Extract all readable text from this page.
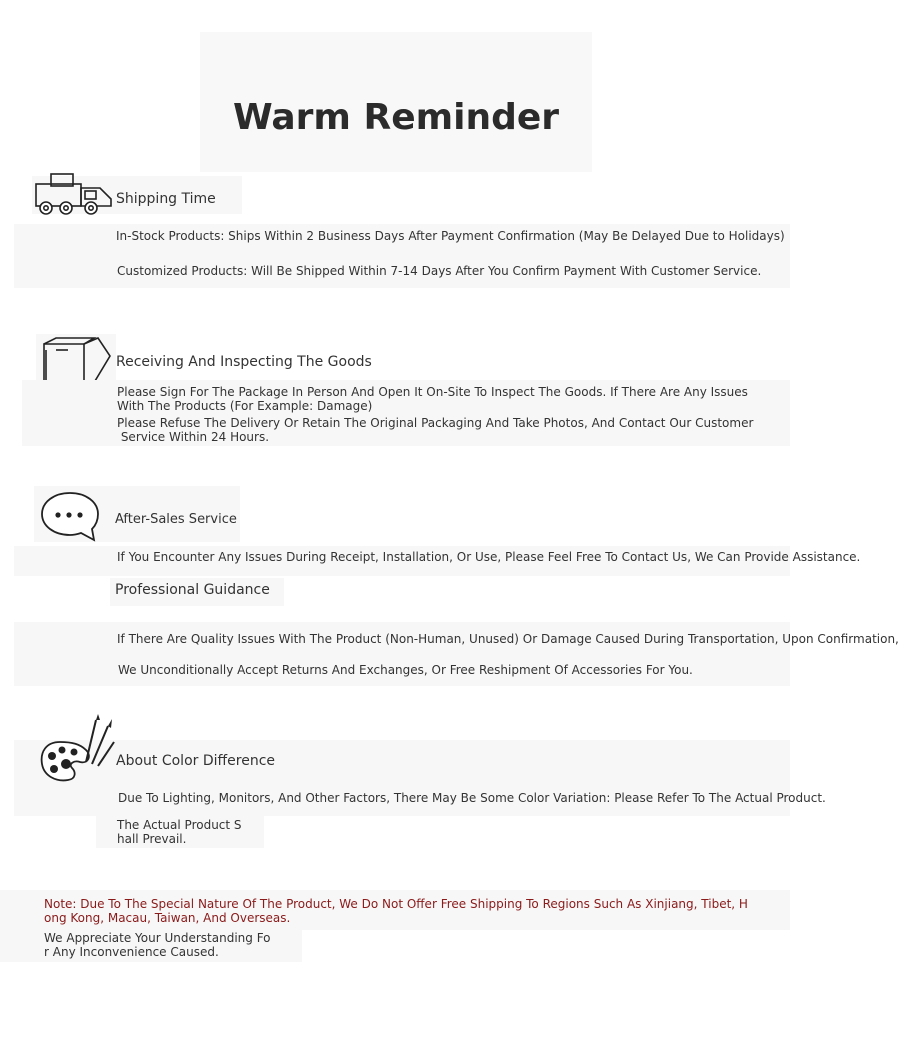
Warm Reminder
Shipping Time
In-Stock Products: Ships Within 2 Business Days After Payment Confirmation (May Be Delayed Due to Holidays)
Customized Products: Will Be Shipped Within 7-14 Days After You Confirm Payment With Customer Service.
Receiving And Inspecting The Goods
Please Sign For The Package In Person And Open It On-Site To Inspect The Goods. If There Are Any Issues With The Products (For Example: Damage)
Please Refuse The Delivery Or Retain The Original Packaging And Take Photos, And Contact Our Customer
Service Within 24 Hours.
After-Sales Service
If You Encounter Any Issues During Receipt, Installation, Or Use, Please Feel Free To Contact Us, We Can Provide Assistance.
Professional Guidance
If There Are Quality Issues With The Product (Non-Human, Unused) Or Damage Caused During Transportation, Upon Confirmation,
We Unconditionally Accept Returns And Exchanges, Or Free Reshipment Of Accessories For You.
About Color Difference
Due To Lighting, Monitors, And Other Factors, There May Be Some Color Variation: Please Refer To The Actual Product.
The Actual Product Shall Prevail.
Note: Due To The Special Nature Of The Product, We Do Not Offer Free Shipping To Regions Such As Xinjiang, Tibet, Hong Kong, Macau, Taiwan, And Overseas.
We Appreciate Your Understanding For Any Inconvenience Caused.
